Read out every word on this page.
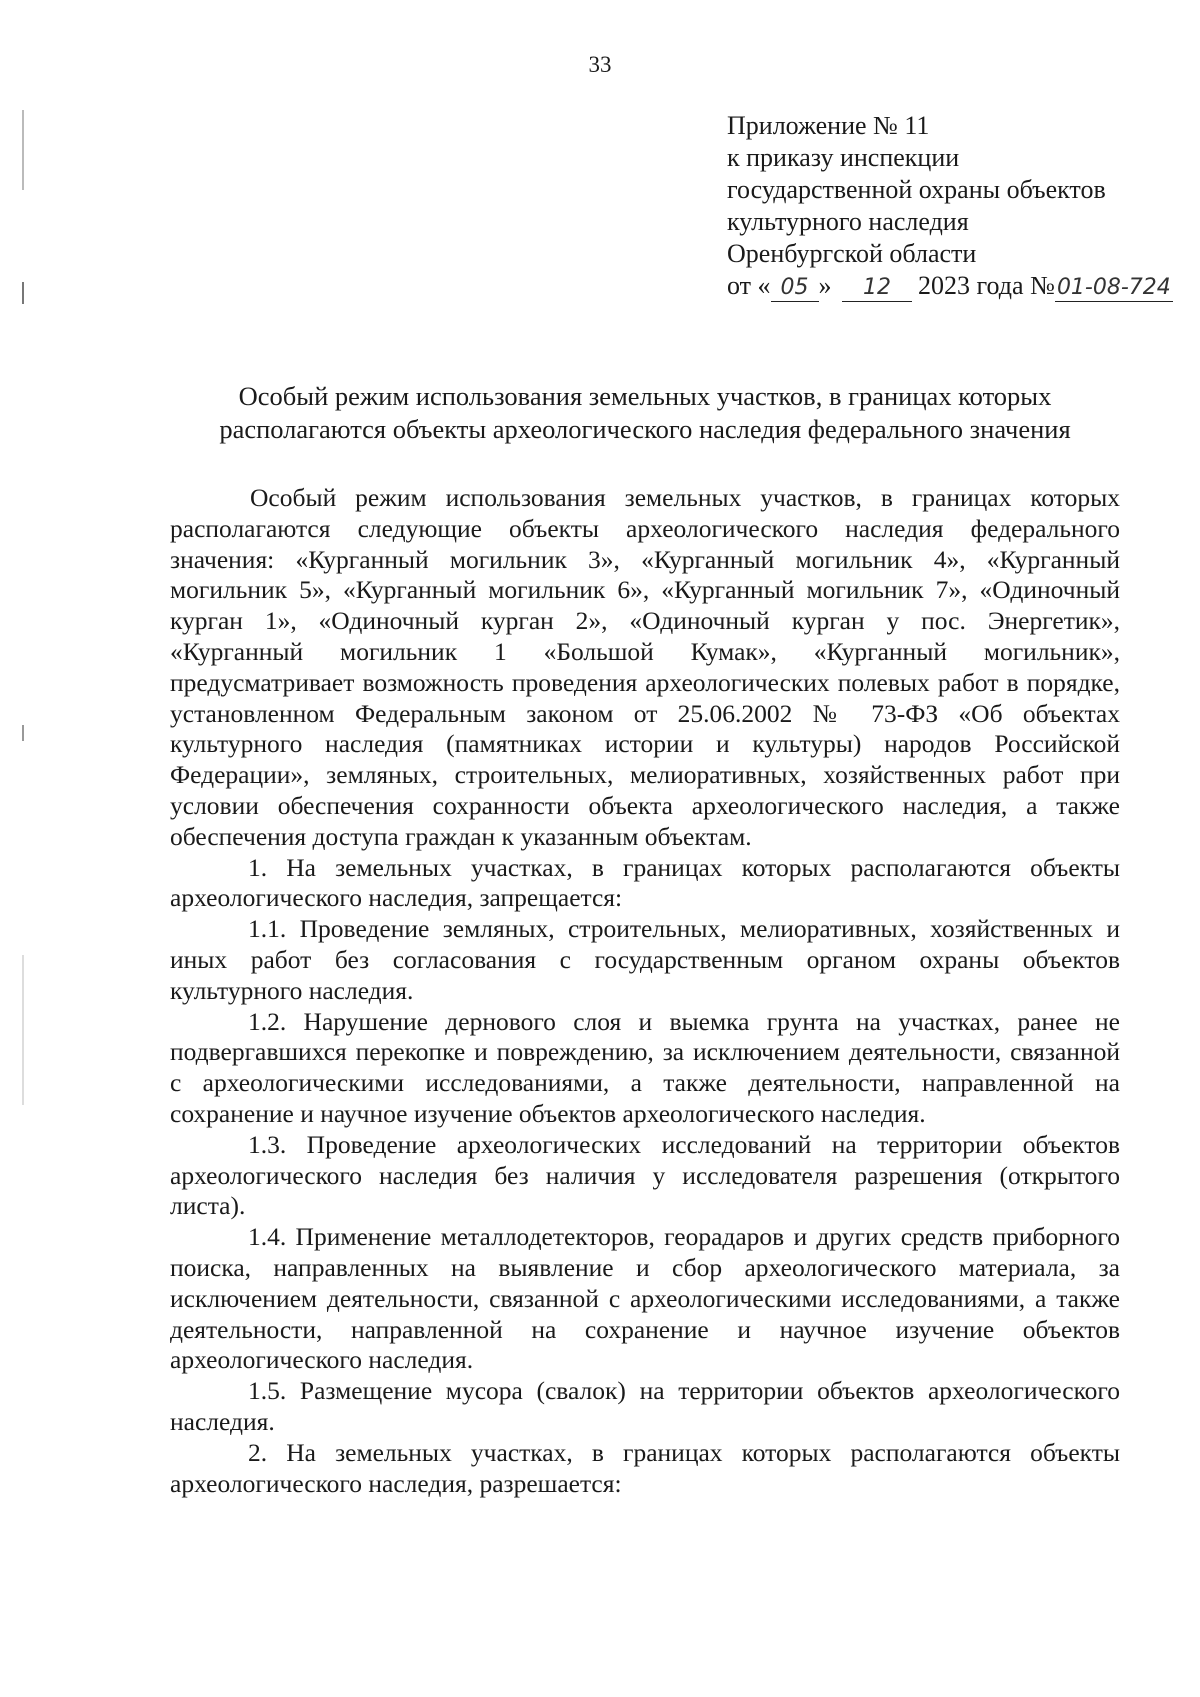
33
Приложение № 11
к приказу инспекции
государственной охраны объектов
культурного наследия
Оренбургской области
от « 05 » 12 2023 года №01-08-724
Особый режим использования земельных участков, в границах которых располагаются объекты археологического наследия федерального значения

Особый режим использования земельных участков, в границах которых располагаются следующие объекты археологического наследия федерального значения: «Курганный могильник 3», «Курганный могильник 4», «Курганный могильник 5», «Курганный могильник 6», «Курганный могильник 7», «Одиночный курган 1», «Одиночный курган 2», «Одиночный курган у пос. Энергетик», «Курганный могильник 1 «Большой Кумак», «Курганный могильник», предусматривает возможность проведения археологических полевых работ в порядке, установленном Федеральным законом от 25.06.2002 № 73-ФЗ «Об объектах культурного наследия (памятниках истории и культуры) народов Российской Федерации», земляных, строительных, мелиоративных, хозяйственных работ при условии обеспечения сохранности объекта археологического наследия, а также обеспечения доступа граждан к указанным объектам.

1. На земельных участках, в границах которых располагаются объекты археологического наследия, запрещается:

1.1. Проведение земляных, строительных, мелиоративных, хозяйственных и иных работ без согласования с государственным органом охраны объектов культурного наследия.

1.2. Нарушение дернового слоя и выемка грунта на участках, ранее не подвергавшихся перекопке и повреждению, за исключением деятельности, связанной с археологическими исследованиями, а также деятельности, направленной на сохранение и научное изучение объектов археологического наследия.

1.3. Проведение археологических исследований на территории объектов археологического наследия без наличия у исследователя разрешения (открытого листа).

1.4. Применение металлодетекторов, георадаров и других средств приборного поиска, направленных на выявление и сбор археологического материала, за исключением деятельности, связанной с археологическими исследованиями, а также деятельности, направленной на сохранение и научное изучение объектов археологического наследия.

1.5. Размещение мусора (свалок) на территории объектов археологического наследия.

2. На земельных участках, в границах которых располагаются объекты археологического наследия, разрешается:
